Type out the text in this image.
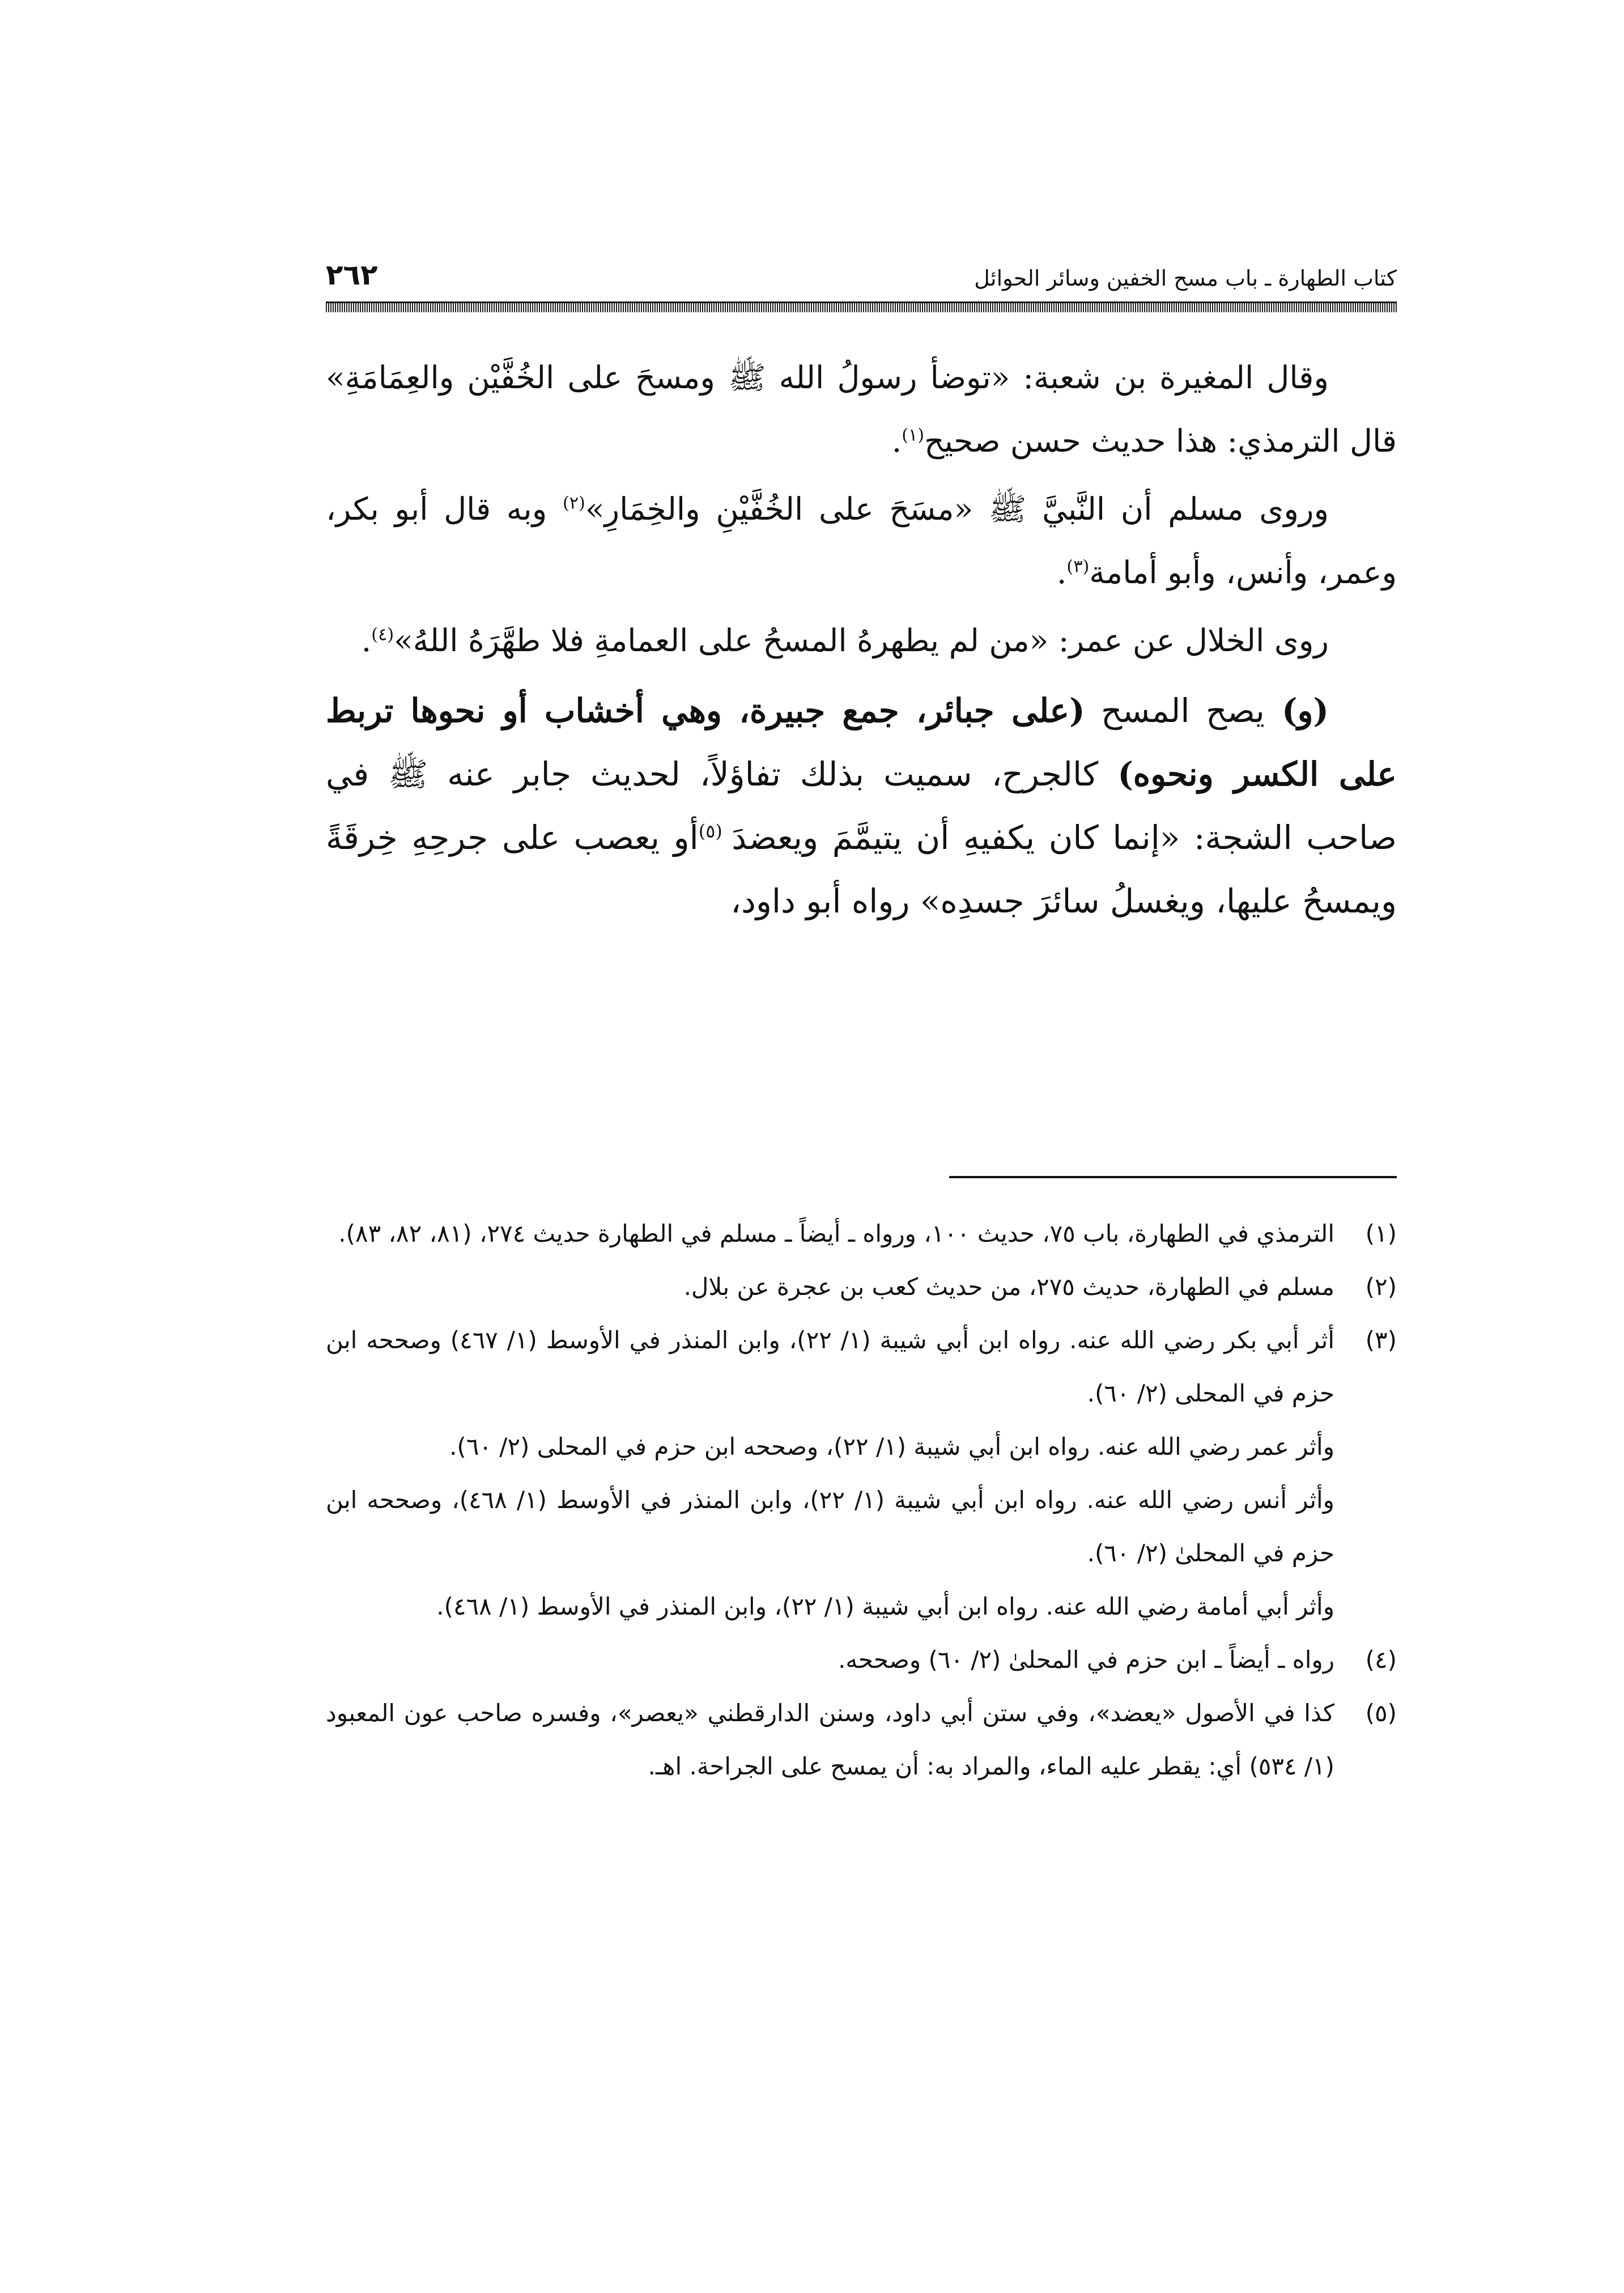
كتاب الطهارة ـ باب مسح الخفين وسائر الحوائل
٢٦٢

وقال المغيرة بن شعبة: «توضأ رسولُ الله ﷺ ومسحَ على الخُفَّيْن والعِمَامَةِ» قال الترمذي: هذا حديث حسن صحيح$^{(١)}$.

وروى مسلم أن النَّبيَّ ﷺ «مسَحَ على الخُفَّيْنِ والخِمَارِ»$^{(٢)}$ وبه قال أبو بكر، وعمر، وأنس، وأبو أمامة$^{(٣)}$.

روى الخلال عن عمر: «من لم يطهرهُ المسحُ على العمامةِ فلا طهَّرَهُ اللهُ»$^{(٤)}$.

(و) يصح المسح (على جبائر، جمع جبيرة، وهي أخشاب أو نحوها تربط على الكسر ونحوه) كالجرح، سميت بذلك تفاؤلاً، لحديث جابر عنه ﷺ في صاحب الشجة: «إنما كان يكفيهِ أن يتيمَّمَ ويعضدَ $^{(٥)}$أو يعصب على جرحِهِ خِرقَةً ويمسحُ عليها، ويغسلُ سائرَ جسدِه» رواه أبو داود،

(١)

الترمذي في الطهارة، باب ٧٥، حديث ١٠٠، ورواه ـ أيضاً ـ مسلم في الطهارة حديث ٢٧٤، (٨١، ٨٢، ٨٣).

(٢)

مسلم في الطهارة، حديث ٢٧٥، من حديث كعب بن عجرة عن بلال.

(٣)

أثر أبي بكر رضي الله عنه. رواه ابن أبي شيبة (١/ ٢٢)، وابن المنذر في الأوسط (١/ ٤٦٧) وصححه ابن حزم في المحلى (٢/ ٦٠).

وأثر عمر رضي الله عنه. رواه ابن أبي شيبة (١/ ٢٢)، وصححه ابن حزم في المحلى (٢/ ٦٠).

وأثر أنس رضي الله عنه. رواه ابن أبي شيبة (١/ ٢٢)، وابن المنذر في الأوسط (١/ ٤٦٨)، وصححه ابن حزم في المحلىٰ (٢/ ٦٠).

وأثر أبي أمامة رضي الله عنه. رواه ابن أبي شيبة (١/ ٢٢)، وابن المنذر في الأوسط (١/ ٤٦٨).

(٤)

رواه ـ أيضاً ـ ابن حزم في المحلىٰ (٢/ ٦٠) وصححه.

(٥)

كذا في الأصول «يعضد»، وفي ستن أبي داود، وسنن الدارقطني «يعصر»، وفسره صاحب عون المعبود (١/ ٥٣٤) أي: يقطر عليه الماء، والمراد به: أن يمسح على الجراحة. اهـ.
